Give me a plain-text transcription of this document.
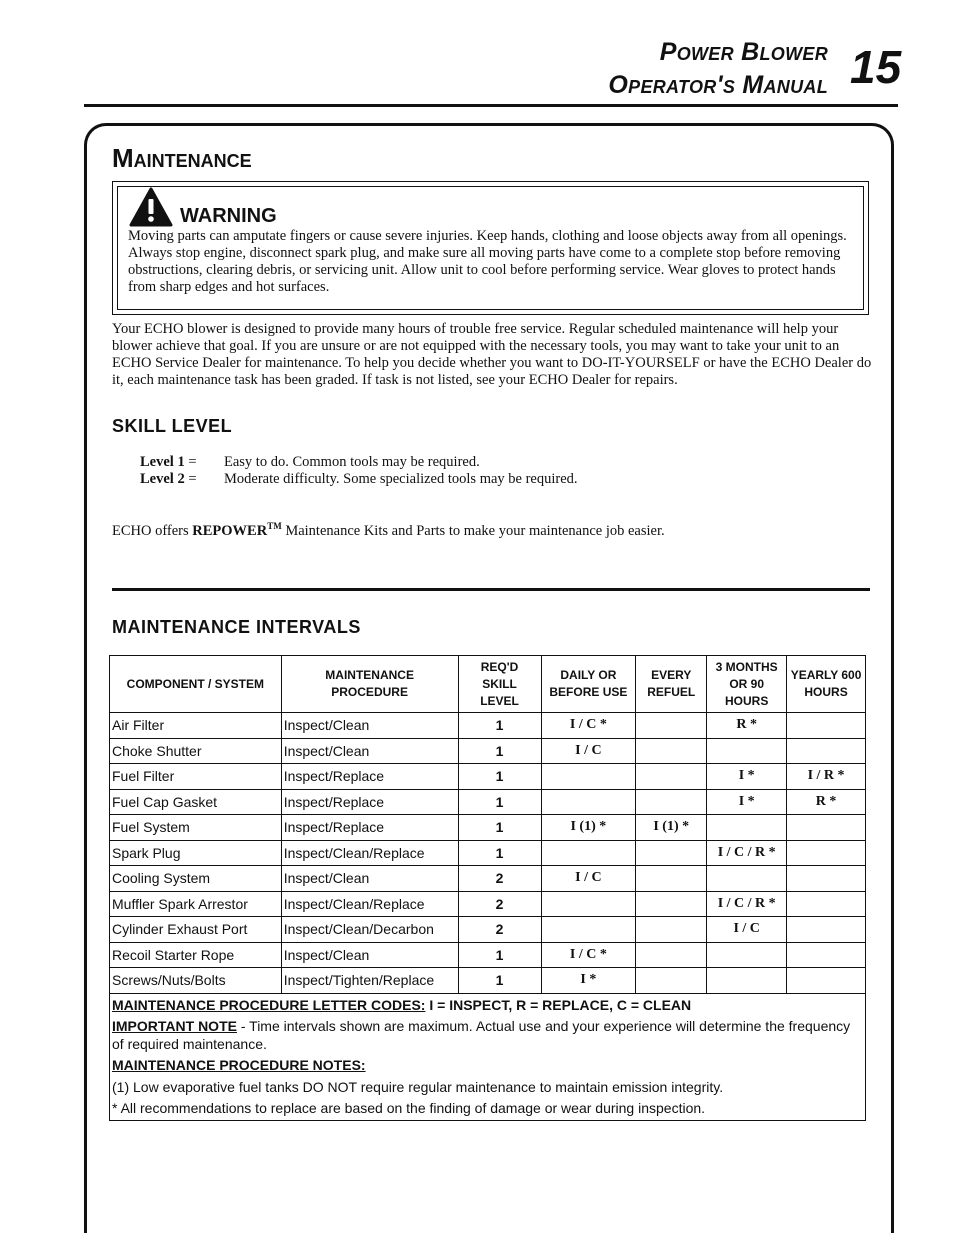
Power Blower
Operator's Manual 15
Maintenance
WARNING
Moving parts can amputate fingers or cause severe injuries. Keep hands, clothing and loose objects away from all openings. Always stop engine, disconnect spark plug, and make sure all moving parts have come to a complete stop before removing obstructions, clearing debris, or servicing unit. Allow unit to cool before performing service. Wear gloves to protect hands from sharp edges and hot surfaces.
Your ECHO blower is designed to provide many hours of trouble free service. Regular scheduled maintenance will help your blower achieve that goal. If you are unsure or are not equipped with the necessary tools, you may want to take your unit to an ECHO Service Dealer for maintenance. To help you decide whether you want to DO-IT-YOURSELF or have the ECHO Dealer do it, each maintenance task has been graded. If task is not listed, see your ECHO Dealer for repairs.
SKILL LEVEL
Level 1 = Easy to do. Common tools may be required.
Level 2 = Moderate difficulty. Some specialized tools may be required.
ECHO offers REPOWER™ Maintenance Kits and Parts to make your maintenance job easier.
MAINTENANCE INTERVALS
COMPONENT / SYSTEM	MAINTENANCE PROCEDURE	REQ'D SKILL LEVEL	DAILY OR BEFORE USE	EVERY REFUEL	3 MONTHS OR 90 HOURS	YEARLY 600 HOURS
Air Filter	Inspect/Clean	1	I / C *		R *	
Choke Shutter	Inspect/Clean	1	I / C			
Fuel Filter	Inspect/Replace	1			I *	I / R *
Fuel Cap Gasket	Inspect/Replace	1			I *	R *
Fuel System	Inspect/Replace	1	I (1) *	I (1) *		
Spark Plug	Inspect/Clean/Replace	1			I / C / R *	
Cooling System	Inspect/Clean	2	I / C			
Muffler Spark Arrestor	Inspect/Clean/Replace	2			I / C / R *	
Cylinder Exhaust Port	Inspect/Clean/Decarbon	2			I / C	
Recoil Starter Rope	Inspect/Clean	1	I / C *			
Screws/Nuts/Bolts	Inspect/Tighten/Replace	1	I *			

MAINTENANCE PROCEDURE LETTER CODES: I = INSPECT, R = REPLACE, C = CLEAN

IMPORTANT NOTE - Time intervals shown are maximum. Actual use and your experience will determine the frequency of required maintenance.

MAINTENANCE PROCEDURE NOTES:

(1) Low evaporative fuel tanks DO NOT require regular maintenance to maintain emission integrity.

* All recommendations to replace are based on the finding of damage or wear during inspection.						
